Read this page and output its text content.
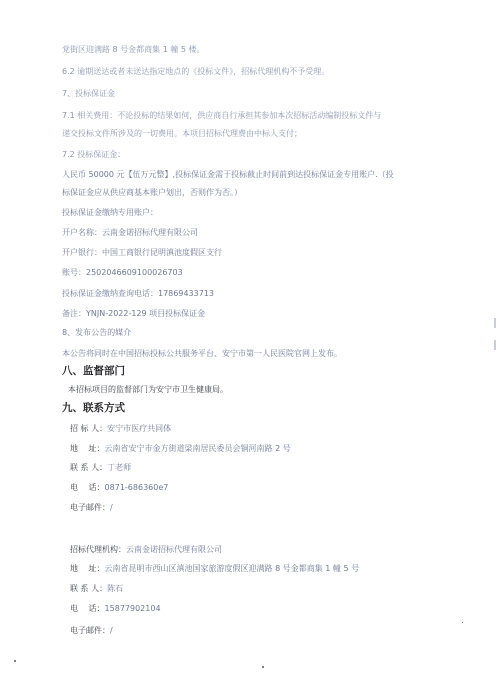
党街区迎满路 8 号金都商集 1 幢 5 楼。
6.2 逾期送达或者未送达指定地点的《投标文件》，招标代理机构不予受理。
7、投标保证金
7.1 相关费用：不论投标的结果如何，供应商自行承担其参加本次招标活动编制投标文件与
递交投标文件所涉及的一切费用。本项目招标代理费由中标人支付；
7.2 投标保证金：
人民币 50000 元【伍万元整】,投标保证金需于投标截止时间前到达投标保证金专用账户.（投
标保证金应从供应商基本账户划出，否则作为否。）
投标保证金缴纳专用账户：
开户名称：云南金诺招标代理有限公司
开户银行：中国工商银行昆明滇池度假区支行
账号：2502046609100026703
投标保证金缴纳查询电话：17869433713
备注：YNJN-2022-129 项目投标保证金
8、发布公告的媒介
本公告将同时在中国招标投标公共服务平台、安宁市第一人民医院官网上发布。
八、监督部门
本招标项目的监督部门为安宁市卫生健康局。
九、联系方式
招 标 人：安宁市医疗共同体
地　 址：云南省安宁市金方街道梁南居民委员会铜河南路 2 号
联 系 人：丁老师
电　 话：0871-686360e7
电子邮件：/
招标代理机构：云南金诺招标代理有限公司
地　 址：云南省昆明市西山区滇池国家旅游度假区迎满路 8 号金都商集 1 幢 5 号
联 系 人：陈石
电　 话：15877902104
电子邮件：/
